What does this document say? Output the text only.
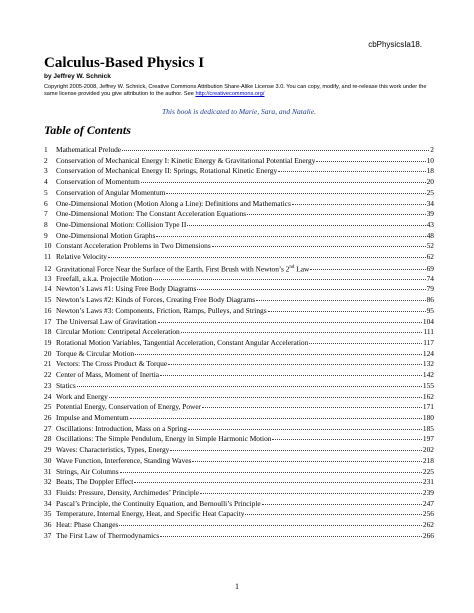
cbPhysicsIa18.
Calculus-Based Physics I
by Jeffrey W. Schnick
Copyright 2005-2008, Jeffrey W. Schnick, Creative Commons Attribution Share-Alike License 3.0. You can copy, modify, and re-release this work under the same license provided you give attribution to the author. See http://creativecommons.org/
This book is dedicated to Marie, Sara, and Natalie.
Table of Contents
1	Mathematical Prelude	2
2	Conservation of Mechanical Energy I: Kinetic Energy & Gravitational Potential Energy	10
3	Conservation of Mechanical Energy II: Springs, Rotational Kinetic Energy	18
4	Conservation of Momentum	20
5	Conservation of Angular Momentum	25
6	One-Dimensional Motion (Motion Along a Line): Definitions and Mathematics	34
7	One-Dimensional Motion: The Constant Acceleration Equations	39
8	One-Dimensional Motion: Collision Type II	43
9	One-Dimensional Motion Graphs	48
10 Constant Acceleration Problems in Two Dimensions	52
11 Relative Velocity	62
12 Gravitational Force Near the Surface of the Earth, First Brush with Newton’s 2nd Law	69
13 Freefall, a.k.a. Projectile Motion	74
14 Newton’s Laws #1: Using Free Body Diagrams	79
15 Newton’s Laws #2: Kinds of Forces, Creating Free Body Diagrams	86
16 Newton’s Laws #3: Components, Friction, Ramps, Pulleys, and Strings	95
17 The Universal Law of Gravitation	104
18 Circular Motion: Centripetal Acceleration	111
19 Rotational Motion Variables, Tangential Acceleration, Constant Angular Acceleration	117
20 Torque & Circular Motion	124
21 Vectors: The Cross Product & Torque	132
22 Center of Mass, Moment of Inertia	142
23 Statics	155
24 Work and Energy	162
25 Potential Energy, Conservation of Energy, Power	171
26 Impulse and Momentum	180
27 Oscillations: Introduction, Mass on a Spring	185
28 Oscillations: The Simple Pendulum, Energy in Simple Harmonic Motion	197
29 Waves: Characteristics, Types, Energy	202
30 Wave Function, Interference, Standing Waves	218
31 Strings, Air Columns	225
32 Beats, The Doppler Effect	231
33 Fluids: Pressure, Density, Archimedes’ Principle	239
34 Pascal’s Principle, the Continuity Equation, and Bernoulli’s Principle	247
35 Temperature, Internal Energy, Heat, and Specific Heat Capacity	256
36 Heat: Phase Changes	262
37 The First Law of Thermodynamics	266
1
